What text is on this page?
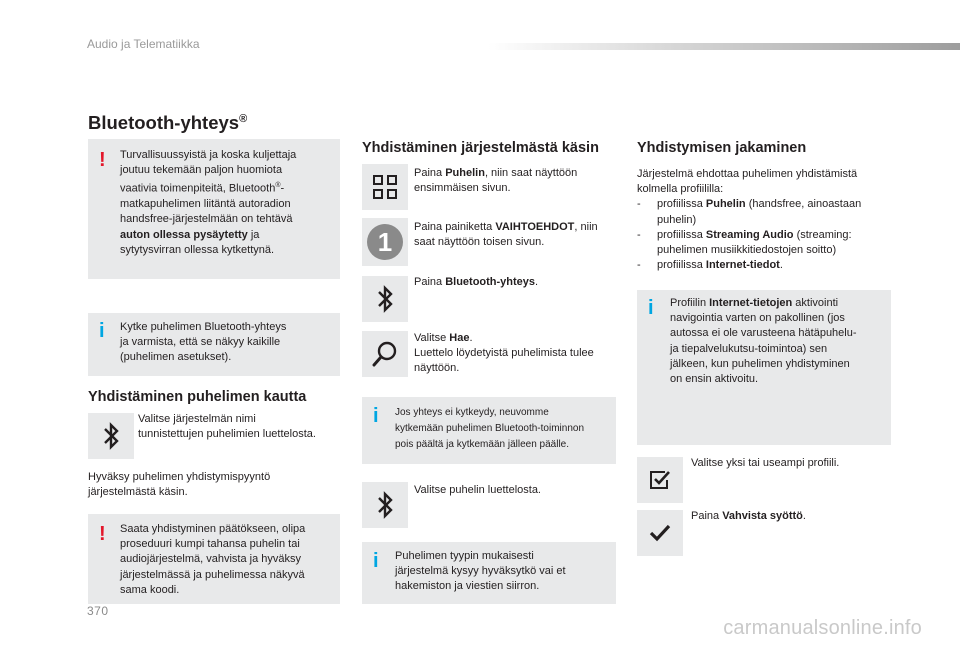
Audio ja Telematiikka
Bluetooth-yhteys®
! Turvallisuussyistä ja koska kuljettaja
joutuu tekemään paljon huomiota
vaativia toimenpiteitä, Bluetooth®-
matkapuhelimen liitäntä autoradion
handsfree-järjestelmään on tehtävä
auton ollessa pysäytetty ja
sytytysvirran ollessa kytkettynä.
i Kytke puhelimen Bluetooth-yhteys
ja varmista, että se näkyy kaikille
(puhelimen asetukset).
Yhdistäminen puhelimen kautta
Valitse järjestelmän nimi
tunnistettujen puhelimien luettelosta.
Hyväksy puhelimen yhdistymispyyntö
järjestelmästä käsin.
! Saata yhdistyminen päätökseen, olipa
proseduuri kumpi tahansa puhelin tai
audiojärjestelmä, vahvista ja hyväksy
järjestelmässä ja puhelimessa näkyvä
sama koodi.
Yhdistäminen järjestelmästä käsin
Paina Puhelin, niin saat näyttöön
ensimmäisen sivun.
1 Paina painiketta VAIHTOEHDOT, niin
saat näyttöön toisen sivun.
Paina Bluetooth-yhteys.
Valitse Hae.
Luettelo löydetyistä puhelimista tulee
näyttöön.
i Jos yhteys ei kytkeydy, neuvomme
kytkemään puhelimen Bluetooth-toiminnon
pois päältä ja kytkemään jälleen päälle.
Valitse puhelin luettelosta.
i Puhelimen tyypin mukaisesti
järjestelmä kysyy hyväksytkö vai et
hakemiston ja viestien siirron.
Yhdistymisen jakaminen
Järjestelmä ehdottaa puhelimen yhdistämistä
kolmella profiililla:
- profiilissa Puhelin (handsfree, ainoastaan
puhelin)
- profiilissa Streaming Audio (streaming:
puhelimen musiikkitiedostojen soitto)
- profiilissa Internet-tiedot.
i Profiilin Internet-tietojen aktivointi
navigointia varten on pakollinen (jos
autossa ei ole varusteena hätäpuhelu-
ja tiepalvelukutsu-toimintoa) sen
jälkeen, kun puhelimen yhdistyminen
on ensin aktivoitu.
Valitse yksi tai useampi profiili.
Paina Vahvista syöttö.
370
carmanualsonline.info
